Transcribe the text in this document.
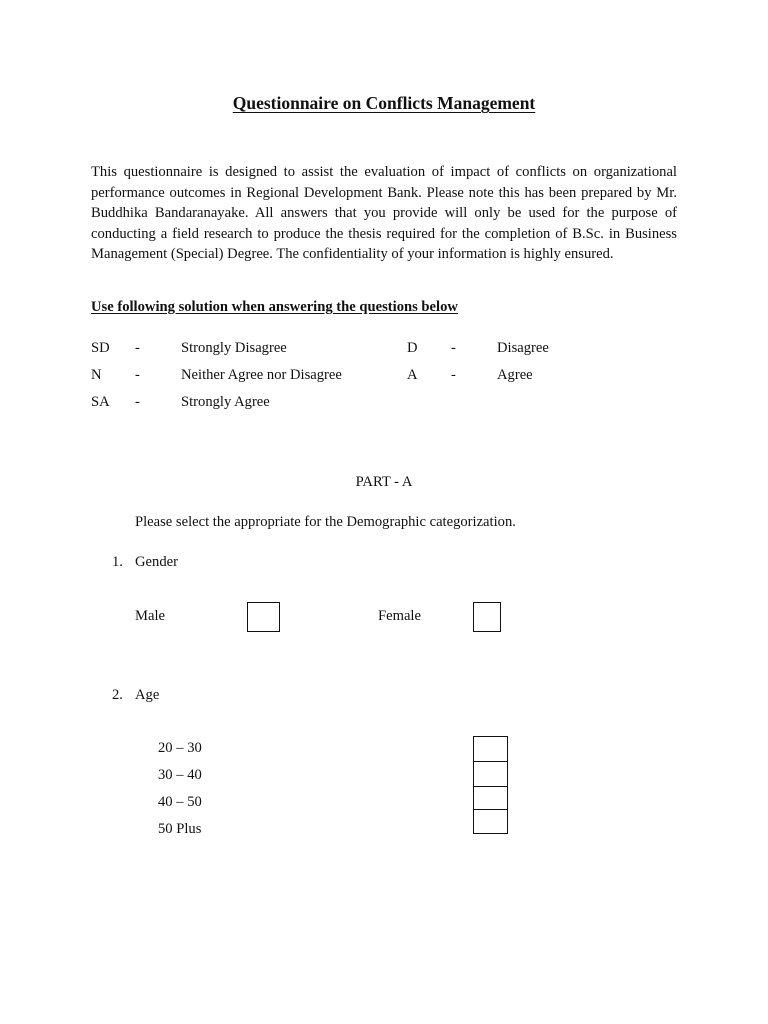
Questionnaire on Conflicts Management

This questionnaire is designed to assist the evaluation of impact of conflicts on organizational performance outcomes in Regional Development Bank. Please note this has been prepared by Mr. Buddhika Bandaranayake. All answers that you provide will only be used for the purpose of conducting a field research to produce the thesis required for the completion of B.Sc. in Business Management (Special) Degree. The confidentiality of your information is highly ensured.

Use following solution when answering the questions below
SD -	Strongly Disagree	D -	Disagree
N -	Neither Agree nor Disagree	A -	Agree
SA -	Strongly Agree
PART - A
Please select the appropriate for the Demographic categorization.
1. Gender
Male	Female
2. Age
20 – 30
30 – 40
40 – 50
50 Plus
